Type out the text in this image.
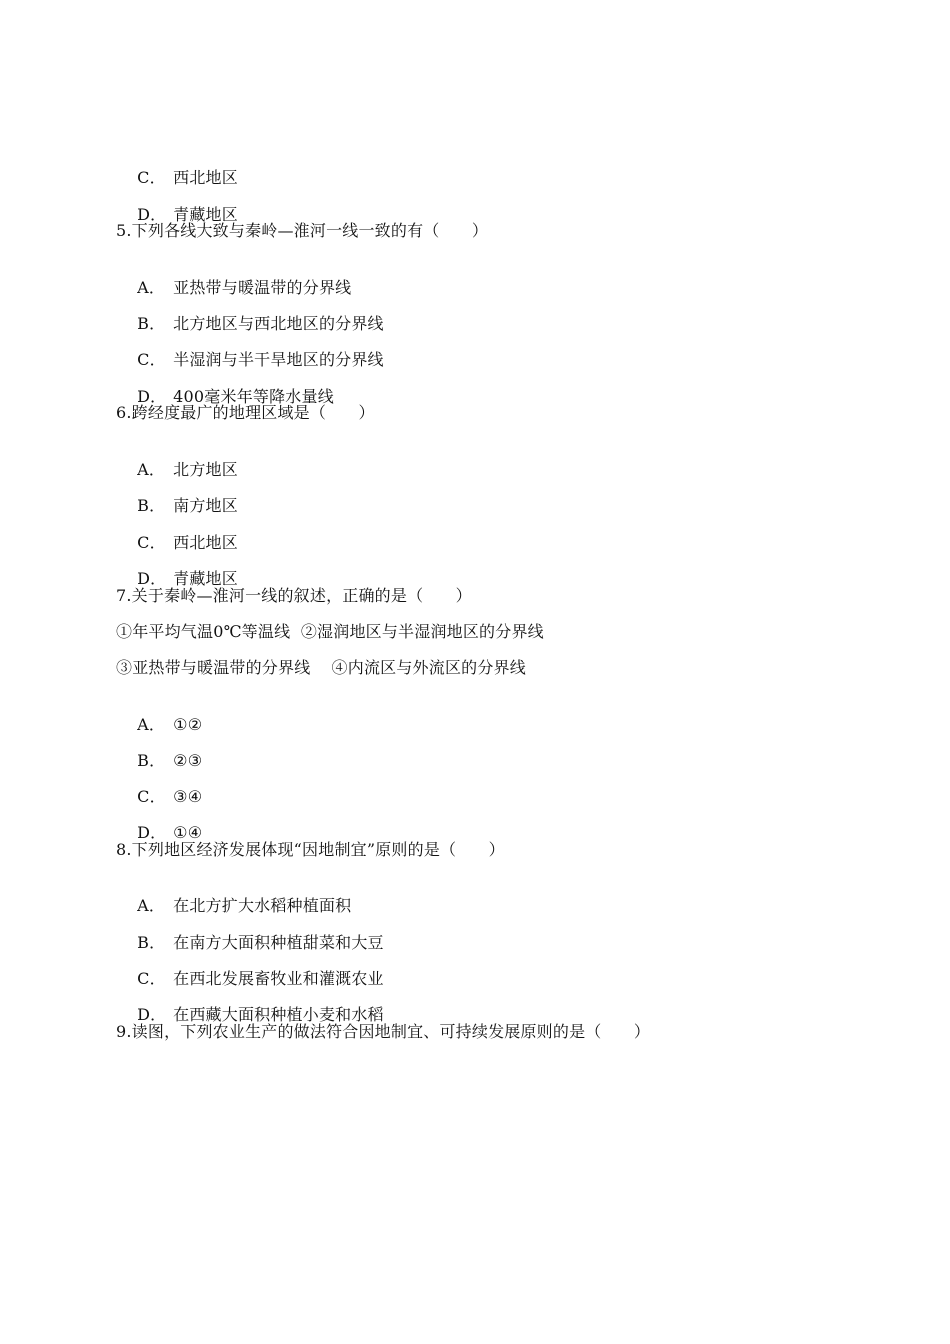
C． 西北地区

D． 青藏地区

5.下列各线大致与秦岭—淮河一线一致的有（　　）

A． 亚热带与暖温带的分界线

B． 北方地区与西北地区的分界线

C． 半湿润与半干旱地区的分界线

D． 400毫米年等降水量线

6.跨经度最广的地理区域是（　　）

A． 北方地区

B． 南方地区

C． 西北地区

D． 青藏地区

7.关于秦岭—淮河一线的叙述，正确的是（　　）
①年平均气温0℃等温线  ②湿润地区与半湿润地区的分界线
③亚热带与暖温带的分界线    ④内流区与外流区的分界线

A． ①②

B． ②③

C． ③④

D． ①④

8.下列地区经济发展体现“因地制宜”原则的是（　　）

A． 在北方扩大水稻种植面积

B． 在南方大面积种植甜菜和大豆

C． 在西北发展畜牧业和灌溉农业

D． 在西藏大面积种植小麦和水稻

9.读图，下列农业生产的做法符合因地制宜、可持续发展原则的是（　　）
